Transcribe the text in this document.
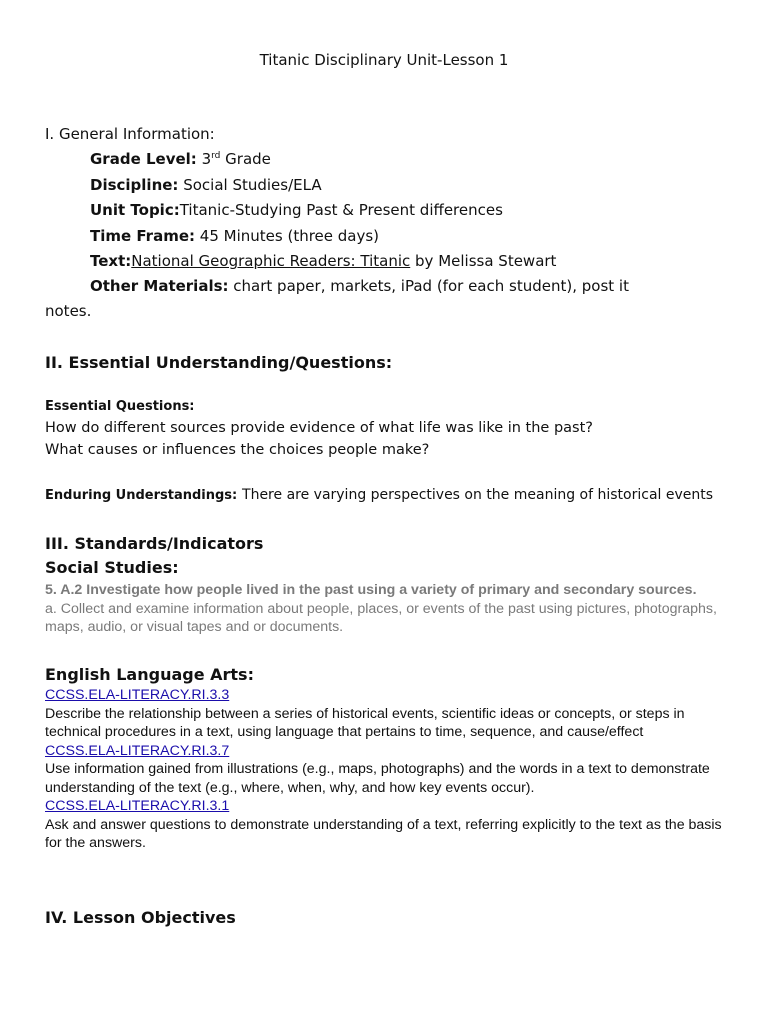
Titanic Disciplinary Unit-Lesson 1
I. General Information:
Grade Level: 3rd Grade
Discipline: Social Studies/ELA
Unit Topic:Titanic-Studying Past & Present differences
Time Frame: 45 Minutes (three days)
Text:National Geographic Readers: Titanic by Melissa Stewart
Other Materials: chart paper, markets, iPad (for each student), post it
notes.
II. Essential Understanding/Questions:
Essential Questions:
How do different sources provide evidence of what life was like in the past?
What causes or influences the choices people make?
Enduring Understandings: There are varying perspectives on the meaning of historical events
III. Standards/Indicators
Social Studies:
5. A.2 Investigate how people lived in the past using a variety of primary and secondary sources.
a. Collect and examine information about people, places, or events of the past using pictures, photographs, maps, audio, or visual tapes and or documents.
English Language Arts:
CCSS.ELA-LITERACY.RI.3.3
Describe the relationship between a series of historical events, scientific ideas or concepts, or steps in technical procedures in a text, using language that pertains to time, sequence, and cause/effect
CCSS.ELA-LITERACY.RI.3.7
Use information gained from illustrations (e.g., maps, photographs) and the words in a text to demonstrate understanding of the text (e.g., where, when, why, and how key events occur).
CCSS.ELA-LITERACY.RI.3.1
Ask and answer questions to demonstrate understanding of a text, referring explicitly to the text as the basis for the answers.
IV. Lesson Objectives
